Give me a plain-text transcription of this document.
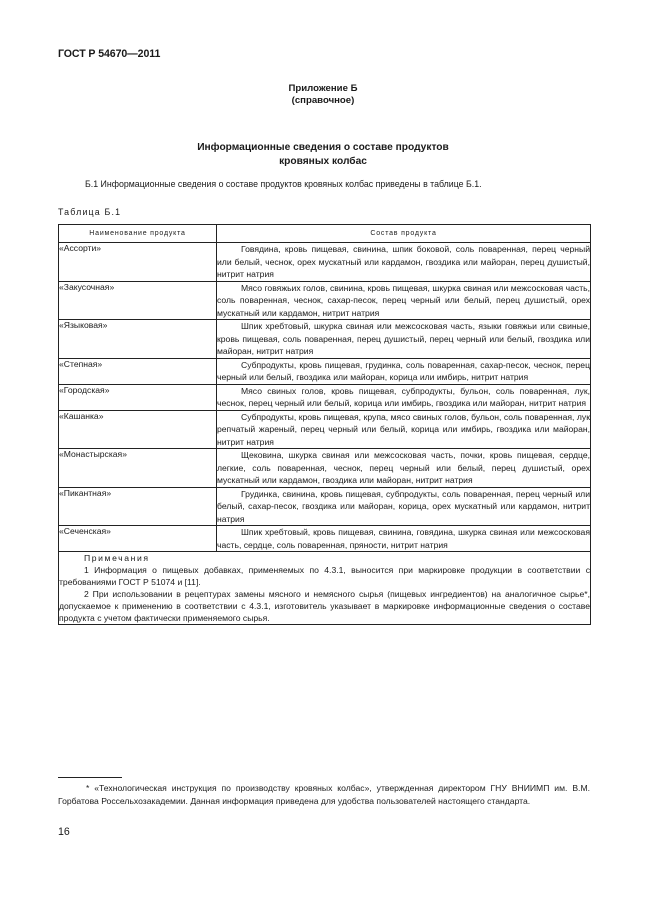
ГОСТ Р 54670—2011
Приложение Б
(справочное)
Информационные сведения о составе продуктов
кровяных колбас
Б.1 Информационные сведения о составе продуктов кровяных колбас приведены в таблице Б.1.
Таблица Б.1
Наименование продукта	Состав продукта
«Ассорти»	Говядина, кровь пищевая, свинина, шпик боковой, соль поваренная, перец черный или белый, чеснок, орех мускатный или кардамон, гвоздика или майоран, перец душистый, нитрит натрия
«Закусочная»	Мясо говяжьих голов, свинина, кровь пищевая, шкурка свиная или межсосковая часть, соль поваренная, чеснок, сахар-песок, перец черный или белый, перец душистый, орех мускатный или кардамон, нитрит натрия
«Языковая»	Шпик хребтовый, шкурка свиная или межсосковая часть, языки говяжьи или свиные, кровь пищевая, соль поваренная, перец душистый, перец черный или белый, гвоздика или майоран, нитрит натрия
«Степная»	Субпродукты, кровь пищевая, грудинка, соль поваренная, сахар-песок, чеснок, перец черный или белый, гвоздика или майоран, корица или имбирь, нитрит натрия
«Городская»	Мясо свиных голов, кровь пищевая, субпродукты, бульон, соль поваренная, лук, чеснок, перец черный или белый, корица или имбирь, гвоздика или майоран, нитрит натрия
«Кашанка»	Субпродукты, кровь пищевая, крупа, мясо свиных голов, бульон, соль поваренная, лук репчатый жареный, перец черный или белый, корица или имбирь, гвоздика или майоран, нитрит натрия
«Монастырская»	Щековина, шкурка свиная или межсосковая часть, почки, кровь пищевая, сердце, легкие, соль поваренная, чеснок, перец черный или белый, перец душистый, орех мускатный или кардамон, гвоздика или майоран, нитрит натрия
«Пикантная»	Грудинка, свинина, кровь пищевая, субпродукты, соль поваренная, перец черный или белый, сахар-песок, гвоздика или майоран, корица, орех мускатный или кардамон, нитрит натрия
«Сеченская»	Шпик хребтовый, кровь пищевая, свинина, говядина, шкурка свиная или межсосковая часть, сердце, соль поваренная, пряности, нитрит натрия

Примечания
1 Информация о пищевых добавках, применяемых по 4.3.1, выносится при маркировке продукции в соответствии с требованиями ГОСТ Р 51074 и [11].
2 При использовании в рецептурах замены мясного и немясного сырья (пищевых ингредиентов) на аналогичное сырье*, допускаемое к применению в соответствии с 4.3.1, изготовитель указывает в маркировке информационные сведения о составе продукта с учетом фактически применяемого сырья.	
* «Технологическая инструкция по производству кровяных колбас», утвержденная директором ГНУ ВНИИМП им. В.М. Горбатова Россельхозакадемии. Данная информация приведена для удобства пользователей настоящего стандарта.
16
